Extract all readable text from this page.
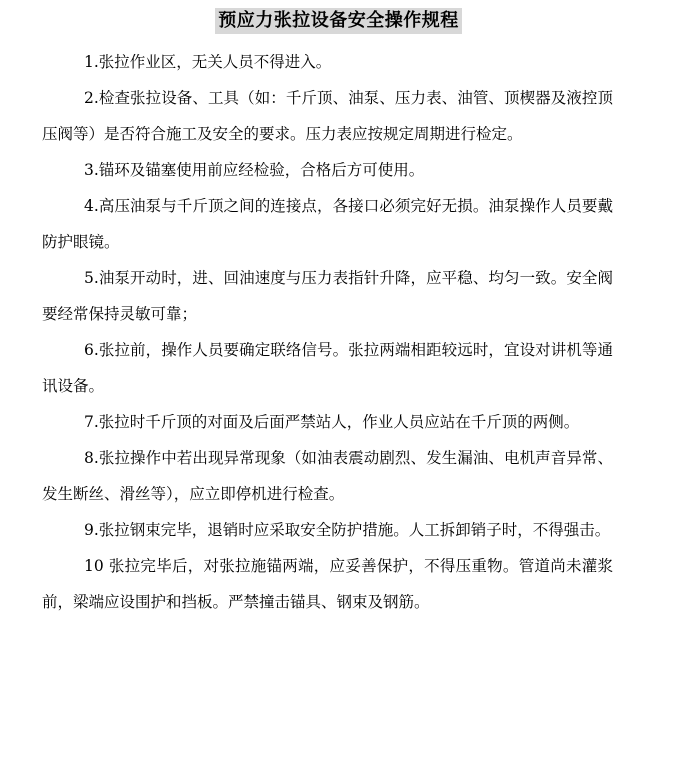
预应力张拉设备安全操作规程

1.张拉作业区，无关人员不得进入。

2.检查张拉设备、工具（如：千斤顶、油泵、压力表、油管、顶楔器及液控顶压阀等）是否符合施工及安全的要求。压力表应按规定周期进行检定。

3.锚环及锚塞使用前应经检验，合格后方可使用。

4.高压油泵与千斤顶之间的连接点，各接口必须完好无损。油泵操作人员要戴防护眼镜。

5.油泵开动时，进、回油速度与压力表指针升降，应平稳、均匀一致。安全阀要经常保持灵敏可靠；

6.张拉前，操作人员要确定联络信号。张拉两端相距较远时，宜设对讲机等通讯设备。

7.张拉时千斤顶的对面及后面严禁站人，作业人员应站在千斤顶的两侧。

8.张拉操作中若出现异常现象（如油表震动剧烈、发生漏油、电机声音异常、发生断丝、滑丝等），应立即停机进行检查。

9.张拉钢束完毕，退销时应采取安全防护措施。人工拆卸销子时，不得强击。

10 张拉完毕后，对张拉施锚两端，应妥善保护，不得压重物。管道尚未灌浆前，梁端应设围护和挡板。严禁撞击锚具、钢束及钢筋。
